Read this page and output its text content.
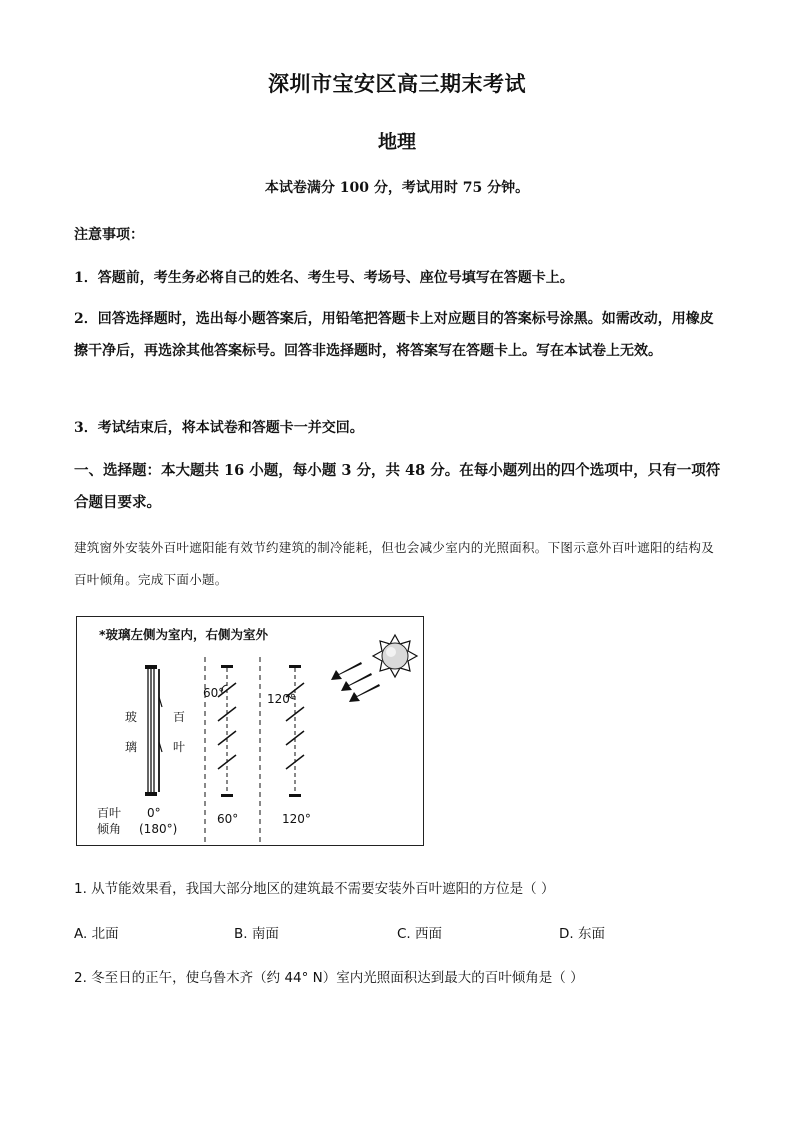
深圳市宝安区高三期末考试
地理
本试卷满分 100 分，考试用时 75 分钟。
注意事项：
1．答题前，考生务必将自己的姓名、考生号、考场号、座位号填写在答题卡上。
2．回答选择题时，选出每小题答案后，用铅笔把答题卡上对应题目的答案标号涂黑。如需改动，用橡皮擦干净后，再选涂其他答案标号。回答非选择题时，将答案写在答题卡上。写在本试卷上无效。
3．考试结束后，将本试卷和答题卡一并交回。
一、选择题：本大题共 16 小题，每小题 3 分，共 48 分。在每小题列出的四个选项中，只有一项符合题目要求。
建筑窗外安装外百叶遮阳能有效节约建筑的制冷能耗，但也会减少室内的光照面积。下图示意外百叶遮阳的结构及百叶倾角。完成下面小题。
*玻璃左侧为室内，右侧为室外
玻
璃
百
叶
百叶
倾角
0°
(180°)
60°
60°
120°
120°
1. 从节能效果看，我国大部分地区的建筑最不需要安装外百叶遮阳的方位是（ ）
A. 北面	B. 南面	C. 西面	D. 东面
2. 冬至日的正午，使乌鲁木齐（约 44° N）室内光照面积达到最大的百叶倾角是（ ）
